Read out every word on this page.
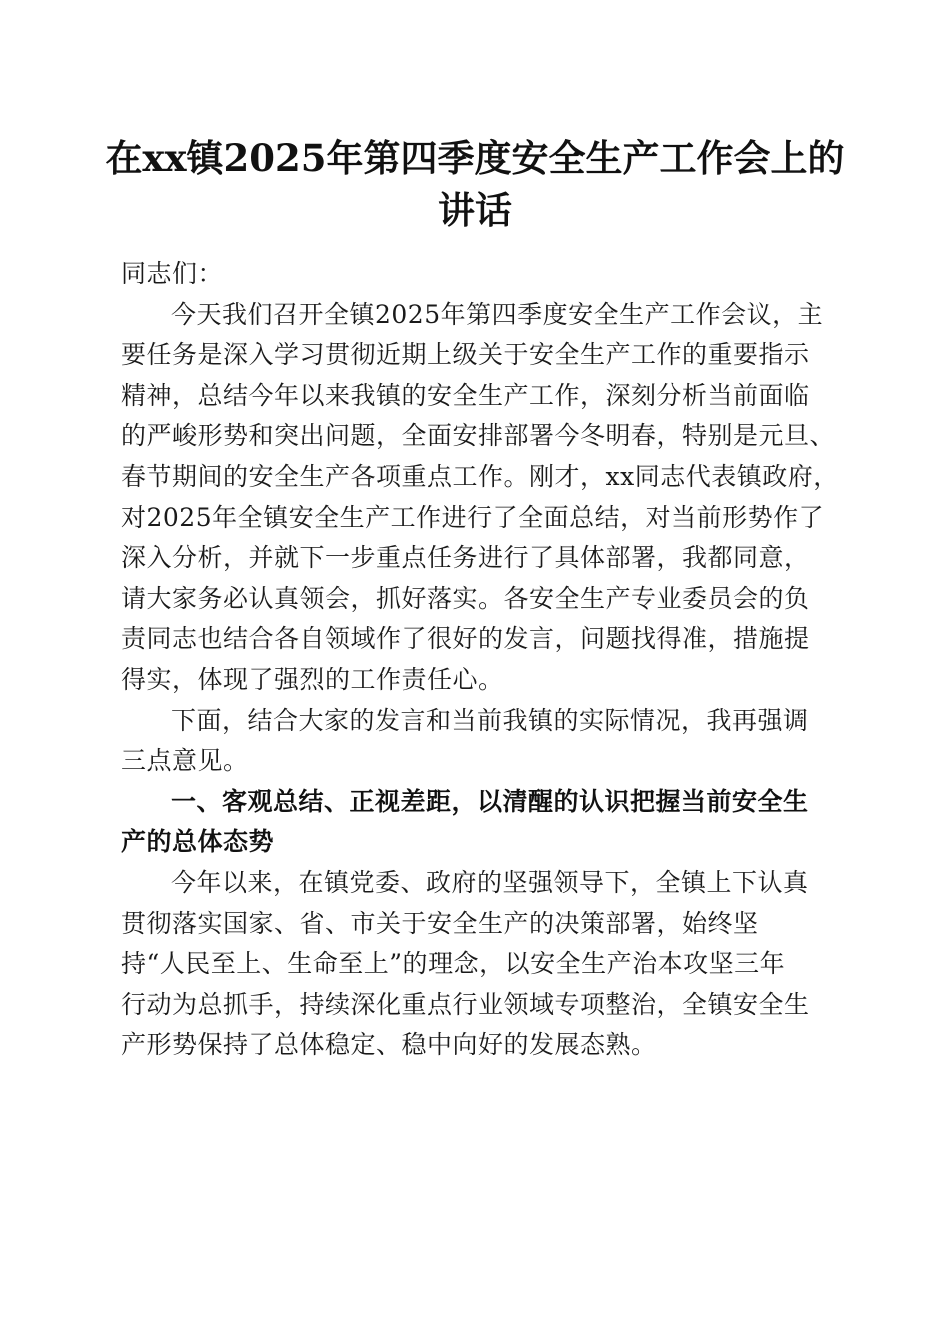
在xx镇2025年第四季度安全生产工作会上的
讲话

同志们：

今天我们召开全镇2025年第四季度安全生产工作会议，主
要任务是深入学习贯彻近期上级关于安全生产工作的重要指示
精神，总结今年以来我镇的安全生产工作，深刻分析当前面临
的严峻形势和突出问题，全面安排部署今冬明春，特别是元旦、
春节期间的安全生产各项重点工作。刚才，xx同志代表镇政府，
对2025年全镇安全生产工作进行了全面总结，对当前形势作了
深入分析，并就下一步重点任务进行了具体部署，我都同意，
请大家务必认真领会，抓好落实。各安全生产专业委员会的负
责同志也结合各自领域作了很好的发言，问题找得准，措施提
得实，体现了强烈的工作责任心。

下面，结合大家的发言和当前我镇的实际情况，我再强调
三点意见。

一、客观总结、正视差距，以清醒的认识把握当前安全生
产的总体态势

今年以来，在镇党委、政府的坚强领导下，全镇上下认真
贯彻落实国家、省、市关于安全生产的决策部署，始终坚
持“人民至上、生命至上”的理念，以安全生产治本攻坚三年
行动为总抓手，持续深化重点行业领域专项整治，全镇安全生
产形势保持了总体稳定、稳中向好的发展态熟。
